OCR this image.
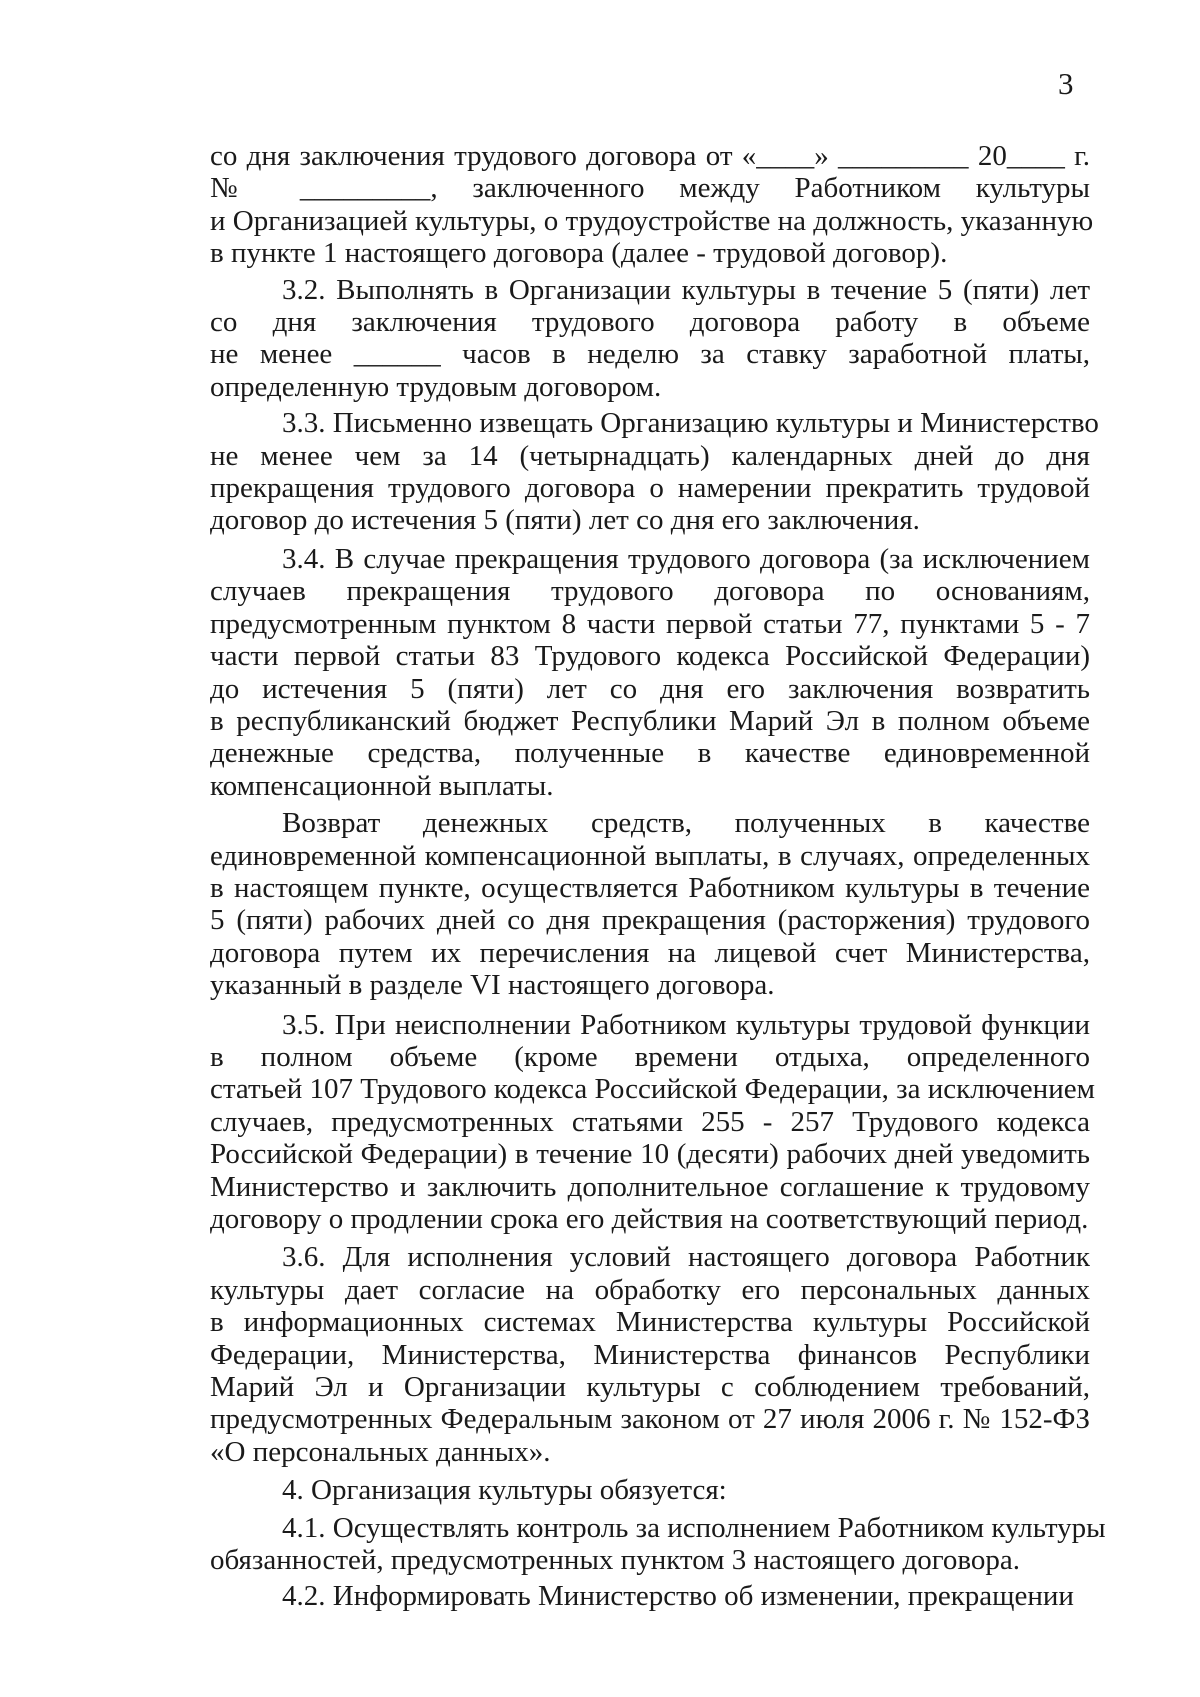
3
со дня заключения трудового договора от «____» _________ 20____ г.
№ _________, заключенного между Работником культуры
и Организацией культуры, о трудоустройстве на должность, указанную
в пункте 1 настоящего договора (далее - трудовой договор).
3.2. Выполнять в Организации культуры в течение 5 (пяти) лет
со дня заключения трудового договора работу в объеме
не менее ______ часов в неделю за ставку заработной платы,
определенную трудовым договором.
3.3. Письменно извещать Организацию культуры и Министерство
не менее чем за 14 (четырнадцать) календарных дней до дня
прекращения трудового договора о намерении прекратить трудовой
договор до истечения 5 (пяти) лет со дня его заключения.
3.4. В случае прекращения трудового договора (за исключением
случаев прекращения трудового договора по основаниям,
предусмотренным пунктом 8 части первой статьи 77, пунктами 5 - 7
части первой статьи 83 Трудового кодекса Российской Федерации)
до истечения 5 (пяти) лет со дня его заключения возвратить
в республиканский бюджет Республики Марий Эл в полном объеме
денежные средства, полученные в качестве единовременной
компенсационной выплаты.
Возврат денежных средств, полученных в качестве
единовременной компенсационной выплаты, в случаях, определенных
в настоящем пункте, осуществляется Работником культуры в течение
5 (пяти) рабочих дней со дня прекращения (расторжения) трудового
договора путем их перечисления на лицевой счет Министерства,
указанный в разделе VI настоящего договора.
3.5. При неисполнении Работником культуры трудовой функции
в полном объеме (кроме времени отдыха, определенного
статьей 107 Трудового кодекса Российской Федерации, за исключением
случаев, предусмотренных статьями 255 - 257 Трудового кодекса
Российской Федерации) в течение 10 (десяти) рабочих дней уведомить
Министерство и заключить дополнительное соглашение к трудовому
договору о продлении срока его действия на соответствующий период.
3.6. Для исполнения условий настоящего договора Работник
культуры дает согласие на обработку его персональных данных
в информационных системах Министерства культуры Российской
Федерации, Министерства, Министерства финансов Республики
Марий Эл и Организации культуры с соблюдением требований,
предусмотренных Федеральным законом от 27 июля 2006 г. № 152-ФЗ
«О персональных данных».
4. Организация культуры обязуется:
4.1. Осуществлять контроль за исполнением Работником культуры
обязанностей, предусмотренных пунктом 3 настоящего договора.
4.2. Информировать Министерство об изменении, прекращении
